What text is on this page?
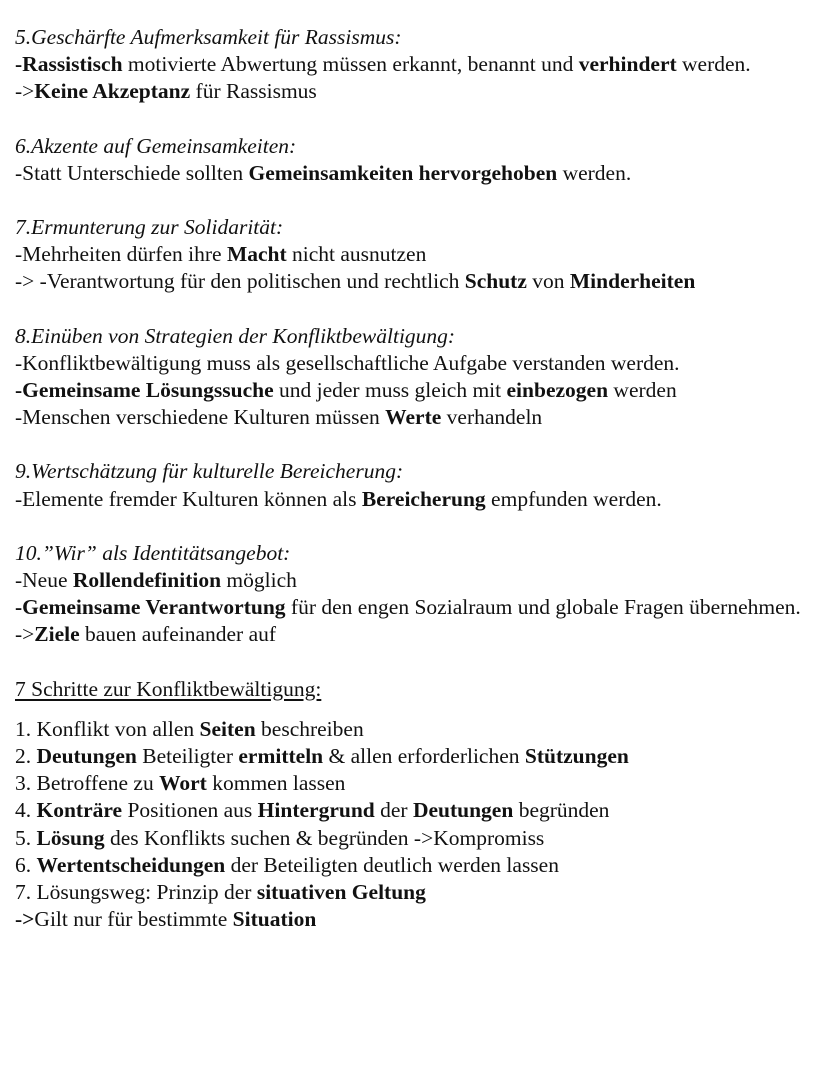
5.Geschärfte Aufmerksamkeit für Rassismus:
-Rassistisch motivierte Abwertung müssen erkannt, benannt und verhindert werden.
->Keine Akzeptanz für Rassismus
6.Akzente auf Gemeinsamkeiten:
-Statt Unterschiede sollten Gemeinsamkeiten hervorgehoben werden.
7.Ermunterung zur Solidarität:
-Mehrheiten dürfen ihre Macht nicht ausnutzen
-> -Verantwortung für den politischen und rechtlich Schutz von Minderheiten
8.Einüben von Strategien der Konfliktbewältigung:
-Konfliktbewältigung muss als gesellschaftliche Aufgabe verstanden werden.
-Gemeinsame Lösungssuche und jeder muss gleich mit einbezogen werden
-Menschen verschiedene Kulturen müssen Werte verhandeln
9.Wertschätzung für kulturelle Bereicherung:
-Elemente fremder Kulturen können als Bereicherung empfunden werden.
10.”Wir” als Identitätsangebot:
-Neue Rollendefinition möglich
-Gemeinsame Verantwortung für den engen Sozialraum und globale Fragen übernehmen.
->Ziele bauen aufeinander auf
7 Schritte zur Konfliktbewältigung:
1. Konflikt von allen Seiten beschreiben
2. Deutungen Beteiligter ermitteln & allen erforderlichen Stützungen
3. Betroffene zu Wort kommen lassen
4. Konträre Positionen aus Hintergrund der Deutungen begründen
5. Lösung des Konflikts suchen & begründen ->Kompromiss
6. Wertentscheidungen der Beteiligten deutlich werden lassen
7. Lösungsweg: Prinzip der situativen Geltung
->Gilt nur für bestimmte Situation
